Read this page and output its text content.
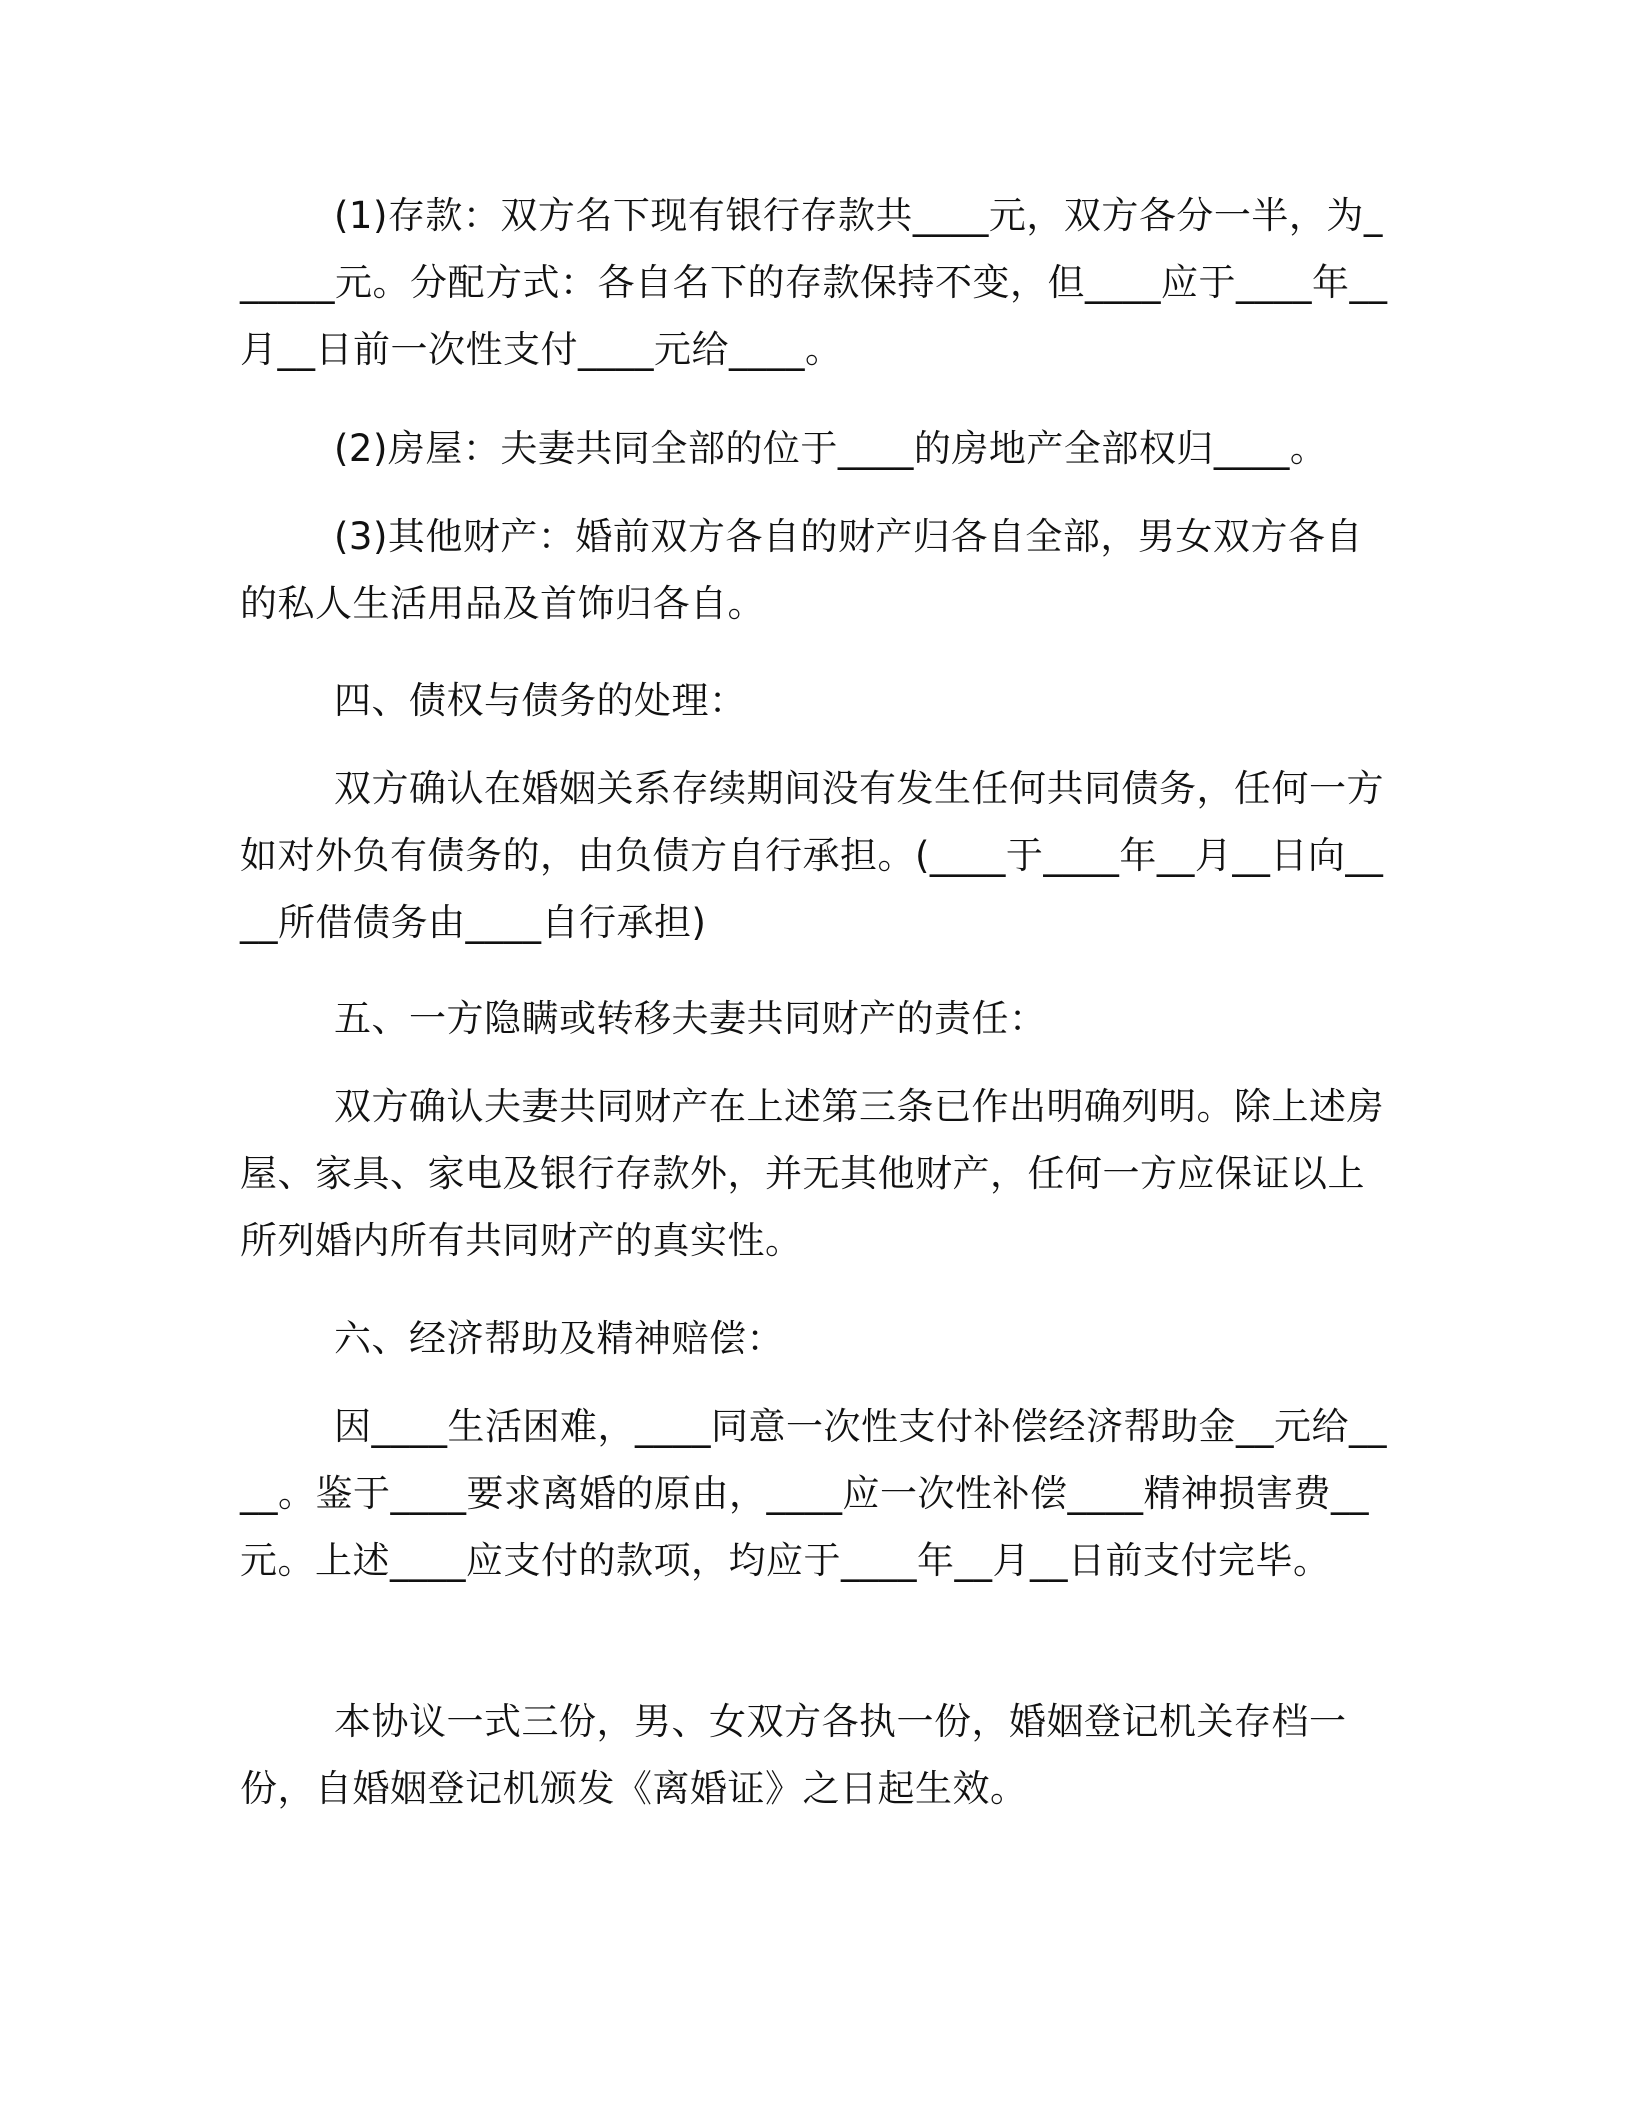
(1)存款：双方名下现有银行存款共____元，双方各分一半，为______元。分配方式：各自名下的存款保持不变，但____应于____年__月__日前一次性支付____元给____。

(2)房屋：夫妻共同全部的位于____的房地产全部权归____。

(3)其他财产：婚前双方各自的财产归各自全部，男女双方各自的私人生活用品及首饰归各自。

四、债权与债务的处理：

双方确认在婚姻关系存续期间没有发生任何共同债务，任何一方如对外负有债务的，由负债方自行承担。(____于____年__月__日向____所借债务由____自行承担)

五、一方隐瞒或转移夫妻共同财产的责任：

双方确认夫妻共同财产在上述第三条已作出明确列明。除上述房屋、家具、家电及银行存款外，并无其他财产，任何一方应保证以上所列婚内所有共同财产的真实性。

六、经济帮助及精神赔偿：

因____生活困难，____同意一次性支付补偿经济帮助金__元给____。鉴于____要求离婚的原由，____应一次性补偿____精神损害费__元。上述____应支付的款项，均应于____年__月__日前支付完毕。

本协议一式三份，男、女双方各执一份，婚姻登记机关存档一份，自婚姻登记机颁发《离婚证》之日起生效。
